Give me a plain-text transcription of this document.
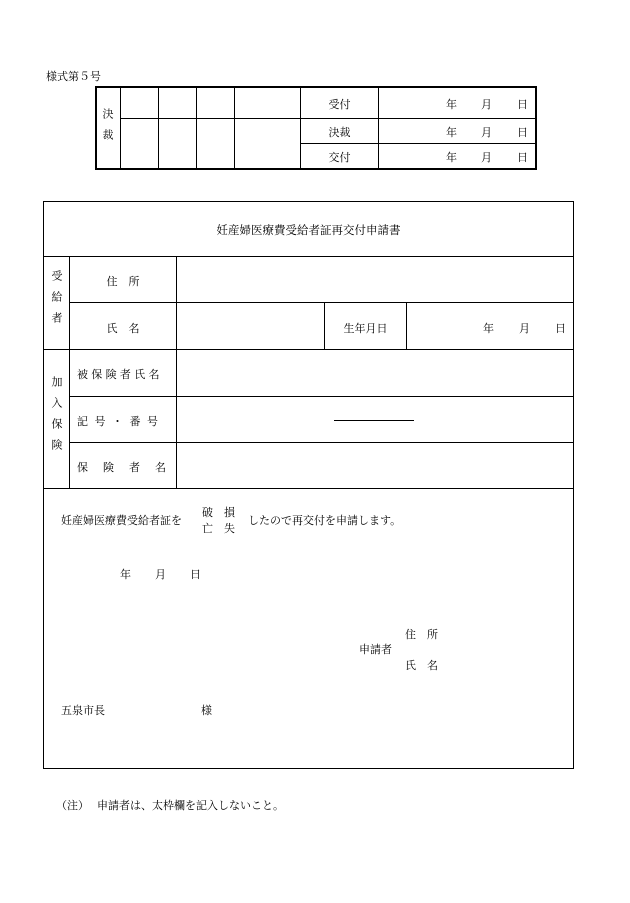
様式第５号
決裁
受付	年 月 日
決裁	年 月 日
交付	年 月 日
妊産婦医療費受給者証再交付申請書
受給者	住　所
氏　名	生年月日	年 月 日
加入保険
被保険者氏名
記号・番号
保険者名
妊産婦医療費受給者証を
破　損
亡　失
したので再交付を申請します。
年 月 日
申請者
住　所
氏　名
五泉市長	様
（注） 申請者は、太枠欄を記入しないこと。
